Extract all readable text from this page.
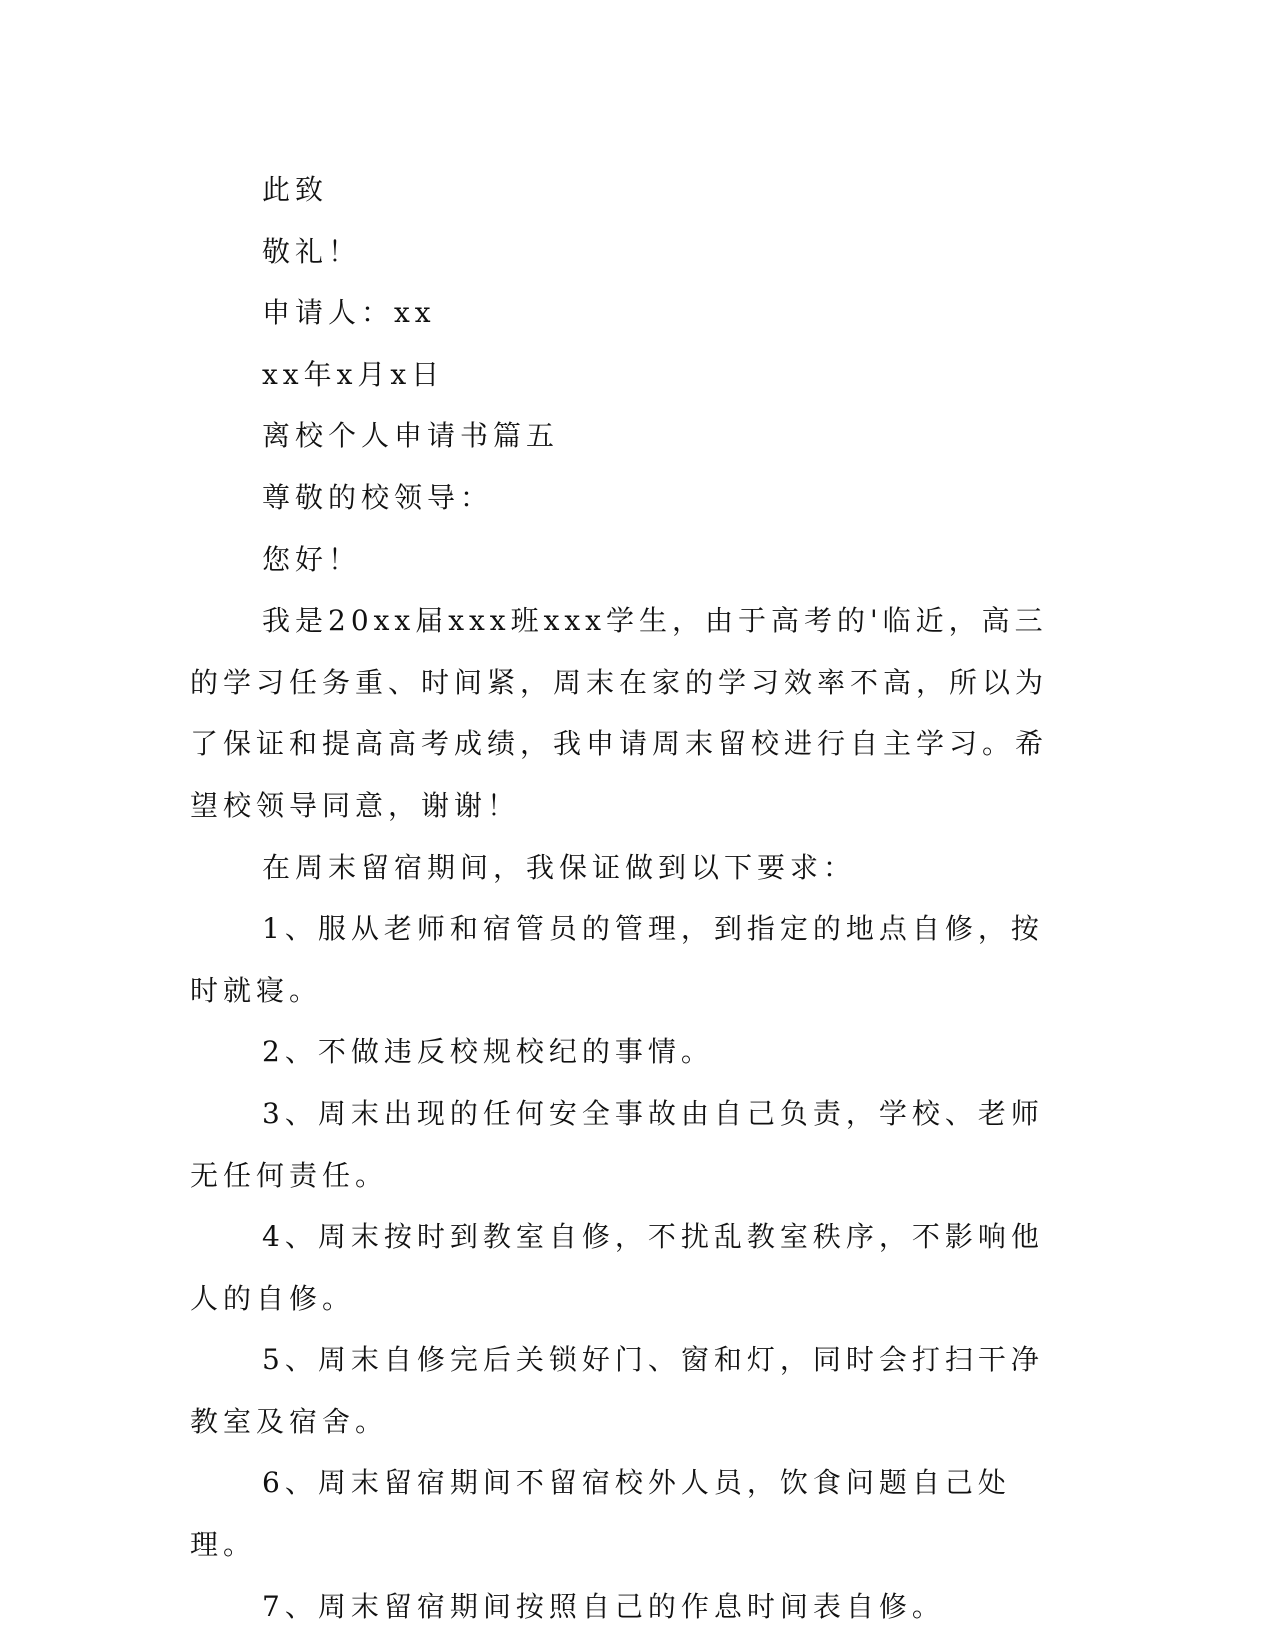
此致

敬礼！

申请人：xx

xx年x月x日

离校个人申请书篇五

尊敬的校领导：

您好！

我是20xx届xxx班xxx学生，由于高考的'临近，高三的学习任务重、时间紧，周末在家的学习效率不高，所以为了保证和提高高考成绩，我申请周末留校进行自主学习。希望校领导同意，谢谢！

在周末留宿期间，我保证做到以下要求：

1、服从老师和宿管员的管理，到指定的地点自修，按时就寝。

2、不做违反校规校纪的事情。

3、周末出现的任何安全事故由自己负责，学校、老师无任何责任。

4、周末按时到教室自修，不扰乱教室秩序，不影响他人的自修。

5、周末自修完后关锁好门、窗和灯，同时会打扫干净教室及宿舍。

6、周末留宿期间不留宿校外人员，饮食问题自己处理。

7、周末留宿期间按照自己的作息时间表自修。
